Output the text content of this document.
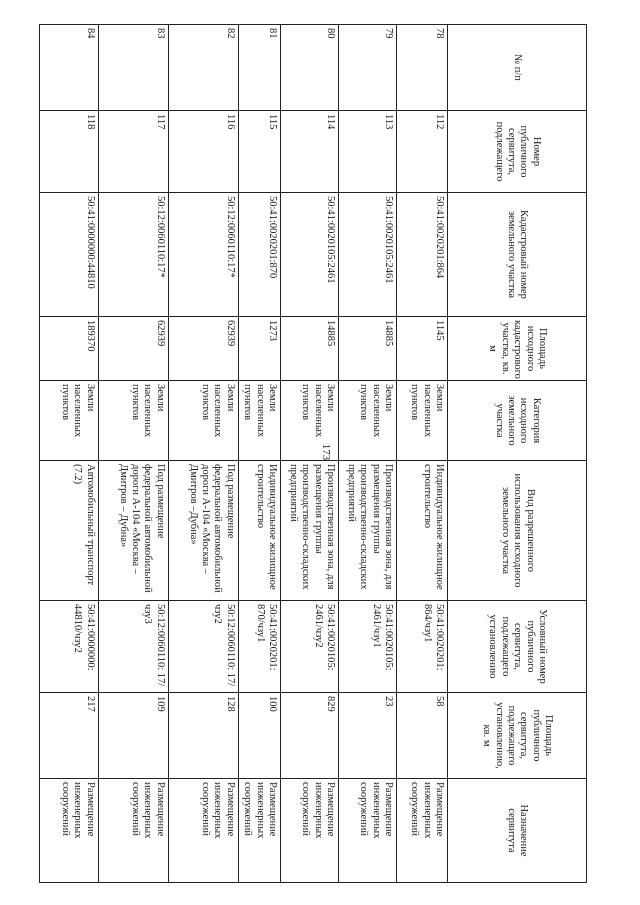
173
№ п/п	Номер публичного сервитута, подлежащего	Кадастровый номер земельного участка	Площадь исходного кадастрового участка, кв. м	Категория исходного земельного участка	Вид разрешенного использования исходного земельного участка	Условный номер публичного сервитута, подлежащего установлению	Площадь публичного сервитута, подлежащего установлению, кв. м	Назначение сервитута
78	112	50:41:0020201:864	1145	Земли населенных пунктов	Индивидуальное жилищное строительство	50:41:0020201: 864/чзу1	58	Размещение инженерных сооружений
79	113	50:41:0020105:2461	14885	Земли населенных пунктов	Производственная зона, для размещения группы производственно-складских предприятий	50:41:0020105: 2461/чзу1	23	Размещение инженерных сооружений
80	114	50:41:0020105:2461	14885	Земли населенных пунктов	Производственная зона, для размещения группы производственно-складских предприятий	50:41:0020105: 2461/чзу2	829	Размещение инженерных сооружений
81	115	50:41:0020201:870	1273	Земли населенных пунктов	Индивидуальное жилищное строительство	50:41:0020201: 870/чзу1	100	Размещение инженерных сооружений
82	116	50:12:0060110:17*	62939	Земли населенных пунктов	Под размещение федеральной автомобильной дороги А-104 «Москва – Дмитров –Дубна»	50:12:0060110: 17/чзу2	128	Размещение инженерных сооружений
83	117	50:12:0060110:17*	62939	Земли населенных пунктов	Под размещение федеральной автомобильной дороги А-104 «Москва – Дмитров – Дубна»	50:12:0060110: 17/чзу3	109	Размещение инженерных сооружений
84	118	50:41:0000000:44810	189370	Земли населенных пунктов	Автомобильный транспорт (7.2)	50:41:0000000: 44810/чзу2	217	Размещение инженерных сооружений
